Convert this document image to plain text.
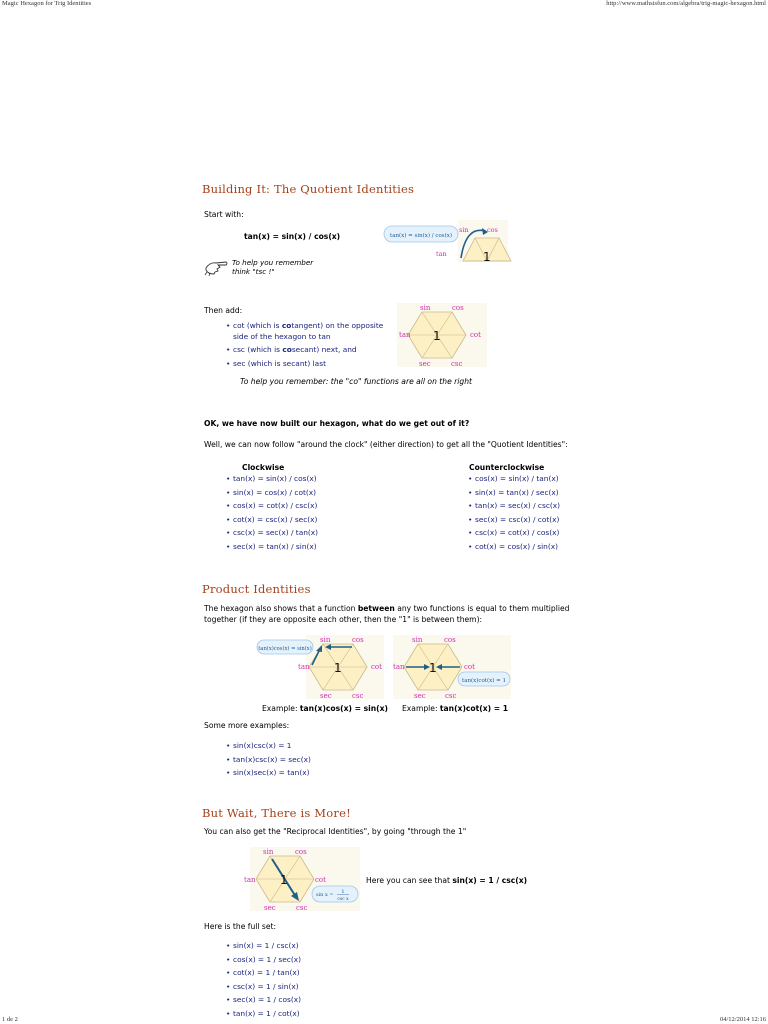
Magic Hexagon for Trig Identities	http://www.mathsisfun.com/algebra/trig-magic-hexagon.html
1 de 2	04/12/2014 12:16
Building It: The Quotient Identities
Start with:
tan(x) = sin(x) / cos(x)
To help you remember
think "tsc !"
tan(x) = sin(x) / cos(x)
sin	cos
tan	1
Then add:
• cot (which is cotangent) on the opposite
side of the hexagon to tan
• csc (which is cosecant) next, and
• sec (which is secant) last
To help you remember: the "co" functions are all on the right
sin	cos
tan	cot
sec	csc
1
OK, we have now built our hexagon, what do we get out of it?
Well, we can now follow "around the clock" (either direction) to get all the "Quotient Identities":
Clockwise
• tan(x) = sin(x) / cos(x)
• sin(x) = cos(x) / cot(x)
• cos(x) = cot(x) / csc(x)
• cot(x) = csc(x) / sec(x)
• csc(x) = sec(x) / tan(x)
• sec(x) = tan(x) / sin(x)
Counterclockwise
• cos(x) = sin(x) / tan(x)
• sin(x) = tan(x) / sec(x)
• tan(x) = sec(x) / csc(x)
• sec(x) = csc(x) / cot(x)
• csc(x) = cot(x) / cos(x)
• cot(x) = cos(x) / sin(x)
Product Identities
The hexagon also shows that a function between any two functions is equal to them multiplied
together (if they are opposite each other, then the "1" is between them):
tan(x)cos(x) = sin(x)
sin	cos
tan	cot
sec	csc
1
tan(x)cot(x) = 1
sin	cos
tan	cot
sec	csc
1
Example: tan(x)cos(x) = sin(x) Example: tan(x)cot(x) = 1
Some more examples:
• sin(x)csc(x) = 1
• tan(x)csc(x) = sec(x)
• sin(x)sec(x) = tan(x)
But Wait, There is More!
You can also get the "Reciprocal Identities", by going "through the 1"
sin x = 1
csc x
sin	cos
tan	cot
sec	csc
1	Here you can see that sin(x) = 1 / csc(x)
Here is the full set:
• sin(x) = 1 / csc(x)
• cos(x) = 1 / sec(x)
• cot(x) = 1 / tan(x)
• csc(x) = 1 / sin(x)
• sec(x) = 1 / cos(x)
• tan(x) = 1 / cot(x)
